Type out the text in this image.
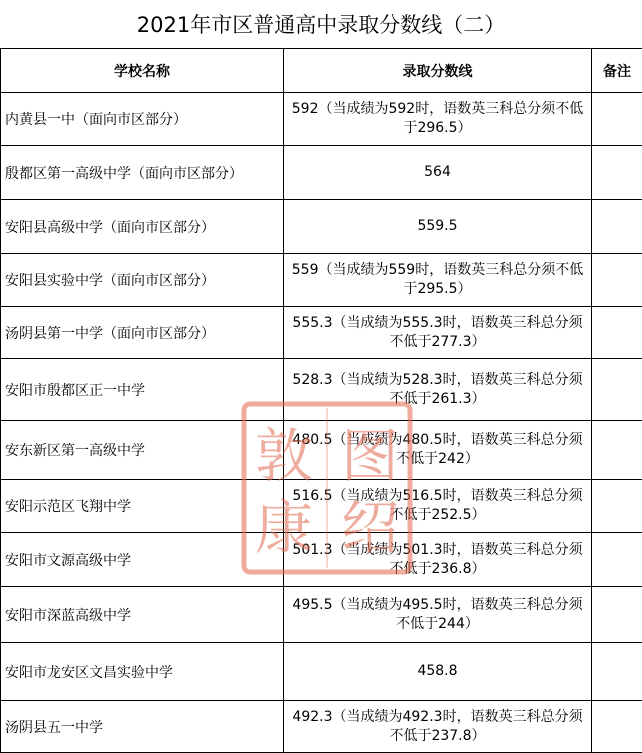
2021年市区普通高中录取分数线（二）
学校名称	录取分数线	备注
内黄县一中（面向市区部分）	592（当成绩为592时，语数英三科总分须不低于296.5）	
殷都区第一高级中学（面向市区部分）	564	
安阳县高级中学（面向市区部分）	559.5	
安阳县实验中学（面向市区部分）	559（当成绩为559时，语数英三科总分须不低于295.5）	
汤阴县第一中学（面向市区部分）	555.3（当成绩为555.3时，语数英三科总分须不低于277.3）	
安阳市殷都区正一中学	528.3（当成绩为528.3时，语数英三科总分须不低于261.3）	
安东新区第一高级中学	480.5（当成绩为480.5时，语数英三科总分须不低于242）	
安阳示范区飞翔中学	516.5（当成绩为516.5时，语数英三科总分须不低于252.5）	
安阳市文源高级中学	501.3（当成绩为501.3时，语数英三科总分须不低于236.8）	
安阳市深蓝高级中学	495.5（当成绩为495.5时，语数英三科总分须不低于244）	
安阳市龙安区文昌实验中学	458.8	
汤阴县五一中学	492.3（当成绩为492.3时，语数英三科总分须不低于237.8）	
敦
康
图
绍
